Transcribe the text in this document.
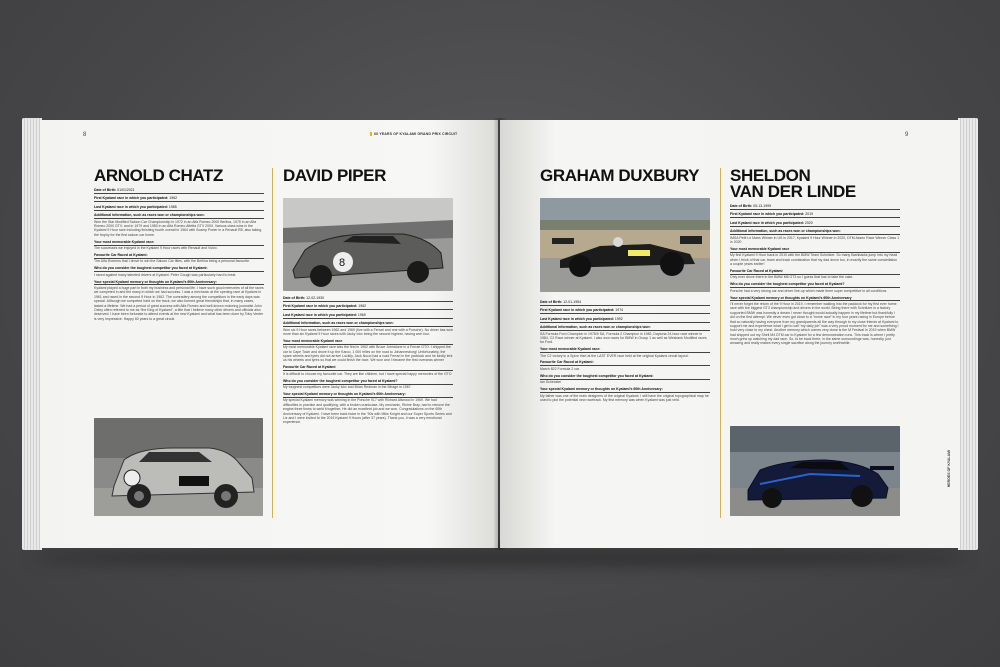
8	60 YEARS OF KYALAMI GRAND PRIX CIRCUIT
ARNOLD CHATZ
Date of Birth: 01/01/2021
First Kyalami race in which you participated: 1962
Last Kyalami race in which you participated: 1985
Additional information, such as races won or championships won:
Won the Star Modified Saloon Car Championship in 1972 in an Alfa Romeo 2000 Berlina, 1975 in an Alfa Romeo 2000 GTV, and in 1979 and 1980 in an Alfa Romeo Alfetta GTV 2000. Various class wins in the Kyalami 9 Hour race including finishing fourth overall in 1964 with Scamp Porter in a Renault R8, also taking the trophy for the first saloon car home.
Your most memorable Kyalami race:
The successes we enjoyed in the Kyalami 9 Hour races with Renault and Volvo.
Favourite Car Raced at Kyalami:
The Alfa Romeos that I drove to win the Saloon Car titles, with the Berlina being a personal favourite.
Who do you consider the toughest competitor you faced at Kyalami:
I raced against many talented drivers at Kyalami. Peter Gough was particularly hard to beat.
Your special Kyalami memory or thoughts on Kyalami’s 60th Anniversary:
Kyalami played a huge part in both my business and personal life. I have such good memories of all the races we competed in and the many in which we had success. I was a mechanic at the opening race at Kyalami in 1961 and raced in the second 9 Hour in 1962. The comradery among the competitors in the early days was special. Although we competed hard on the track, we also formed great friendships that, in many cases, lasted a lifetime. We had a period of great success with Alfa Romeo and well-known motoring journalist John Oxley often referred to me as “the King of Kyalami”, a title that I believe many other drivers and officials also deserved. I have been fortunate to attend events at the new Kyalami and what has been done by Toby Venter is very impressive. Happy 60 years to a great circuit.
DAVID PIPER
8
Date of Birth: 12-02-1930
First Kyalami race in which you participated: 1962
Last Kyalami race in which you participated: 1969
Additional information, such as races won or championships won:
Won six 9 Hour races between 1962 and 1969 (five with a Ferrari and one with a Porsche). No driver has won more than six Kyalami 9 Hour races with Jacky Ickx being the second highest, having won four.
Your most memorable Kyalami race
My most memorable Kyalami race was the first in 1962 with Bruce Johnstone in a Ferrari GTO. I shipped the car to Cape Town and drove it up the Karoo, 1 000 miles on the road to Johannesburg! Unfortunately, the spare wheels and tyres did not arrive! Luckily, Jack Nucci had a road Ferrari in the paddock and he kindly lent us his wheels and tyres so that we could finish the race. We won and I became the first overseas winner
Favourite Car Raced at Kyalami
It is difficult to choose my favourite car. They are like children, but I have special happy memories of the GTO
Who do you consider the toughest competitor you faced at Kyalami?
My toughest competitors were Jacky Ickx and Brian Redman in the Mirage in 1967.
Your special Kyalami memory or thoughts on Kyalami’s 60th Anniversary:
My special Kyalami memory was winning in the Porsche 917 with Richard Attwood in 1969. We had difficulties in practice and qualifying, with a broken crankcase. My mechanic, Richie Bray, had to remove the engine three times to weld it together. He did an excellent job and we won. Congratulations on the 60th Anniversary of Kyalami. I have been back twice in the ’90s with Mike Knight and our Super Sports Series and Liz and I were invited to the 2019 Kyalami 9 Hours (after 37 years). Thank you, it was a very emotional experience.
9
GRAHAM DUXBURY
Date of Birth: 12-01-1954
First Kyalami race in which you participated: 1974
Last Kyalami race in which you participated: 1992
Additional information, such as races won or championships won:
SA Formula Ford Champion in 1978/9 SA, Formula 2 Champion in 1982, Daytona 24-hour race winner in 1984, C2 Race winner at Kyalami. I also won races for BMW in Group 1 as well as Wesbank Modified races for Ford.
Your most memorable Kyalami race:
The C2 victory in a Spice Hart at the LAST EVER race held at the original Kyalami circuit layout.
Favourite Car Raced at Kyalami:
March 822 Formula 2 car.
Who do you consider the toughest competitor you faced at Kyalami:
Ian Scheckter
Your special Kyalami memory or thoughts on Kyalami’s 60th Anniversary:
My father was one of the main designers of the original Kyalami. I still have the original topographical map he used to plot the potential new racetrack. My first memory was when Kyalami was just veld.
SHELDON
VAN DER LINDE
Date of Birth: 05-13-1999
First Kyalami race in which you participated: 2019
Last Kyalami race in which you participated: 2020
Additional information, such as races won or championships won:
IMSA Petit Le Mans Winner in US in 2017, Kyalami 9 Hour Winner in 2020, DTM Assen Race Winner Class 1 in 2020
Your most memorable Kyalami race
My first Kyalami 9 Hour back in 2019 with the BMW Team Schnitzer. So many flashbacks jump into my head when I think of that car, team and track combination that my dad drove too, in exactly the same constellation a couple years earlier!
Favourite Car Raced at Kyalami
Only ever drove there in the BMW M6 GT3 so I guess that has to take the cake.
Who do you consider the toughest competitor you faced at Kyalami?
Porsche had a very strong car and driver line-up which made them super competitive in all conditions
Your special Kyalami memory or thoughts on Kyalami’s 60th Anniversary
I’ll never forget the return of the 9 Hour in 2019. I remember walking into the paddock for my first ever home race with the biggest GT3 championship and drivers in the world. Being there with Schnitzer in a factory supported BMW was honestly a dream I never thought would actually happen in my lifetime but thankfully I did on the first attempt. We never even got close to a “home race” in my four years racing in Europe before that so naturally having everyone from my grandparents all the way through to my close friends at Kyalami to support me and experience what I get to call “my daily job” was a very proud moment for me and something I hold very close to my chest. Another memory which comes very close is the M Festival in 2019 when BMW had shipped out my Shell M4 DTM car to Kyalami for a few demonstration runs. This track is where I pretty much grew up watching my dad race. So, to be back there, in the same surroundings was, honestly, just amazing and really makes every single sacrifice along the journey worthwhile.
HEROES OF KYALAMI
